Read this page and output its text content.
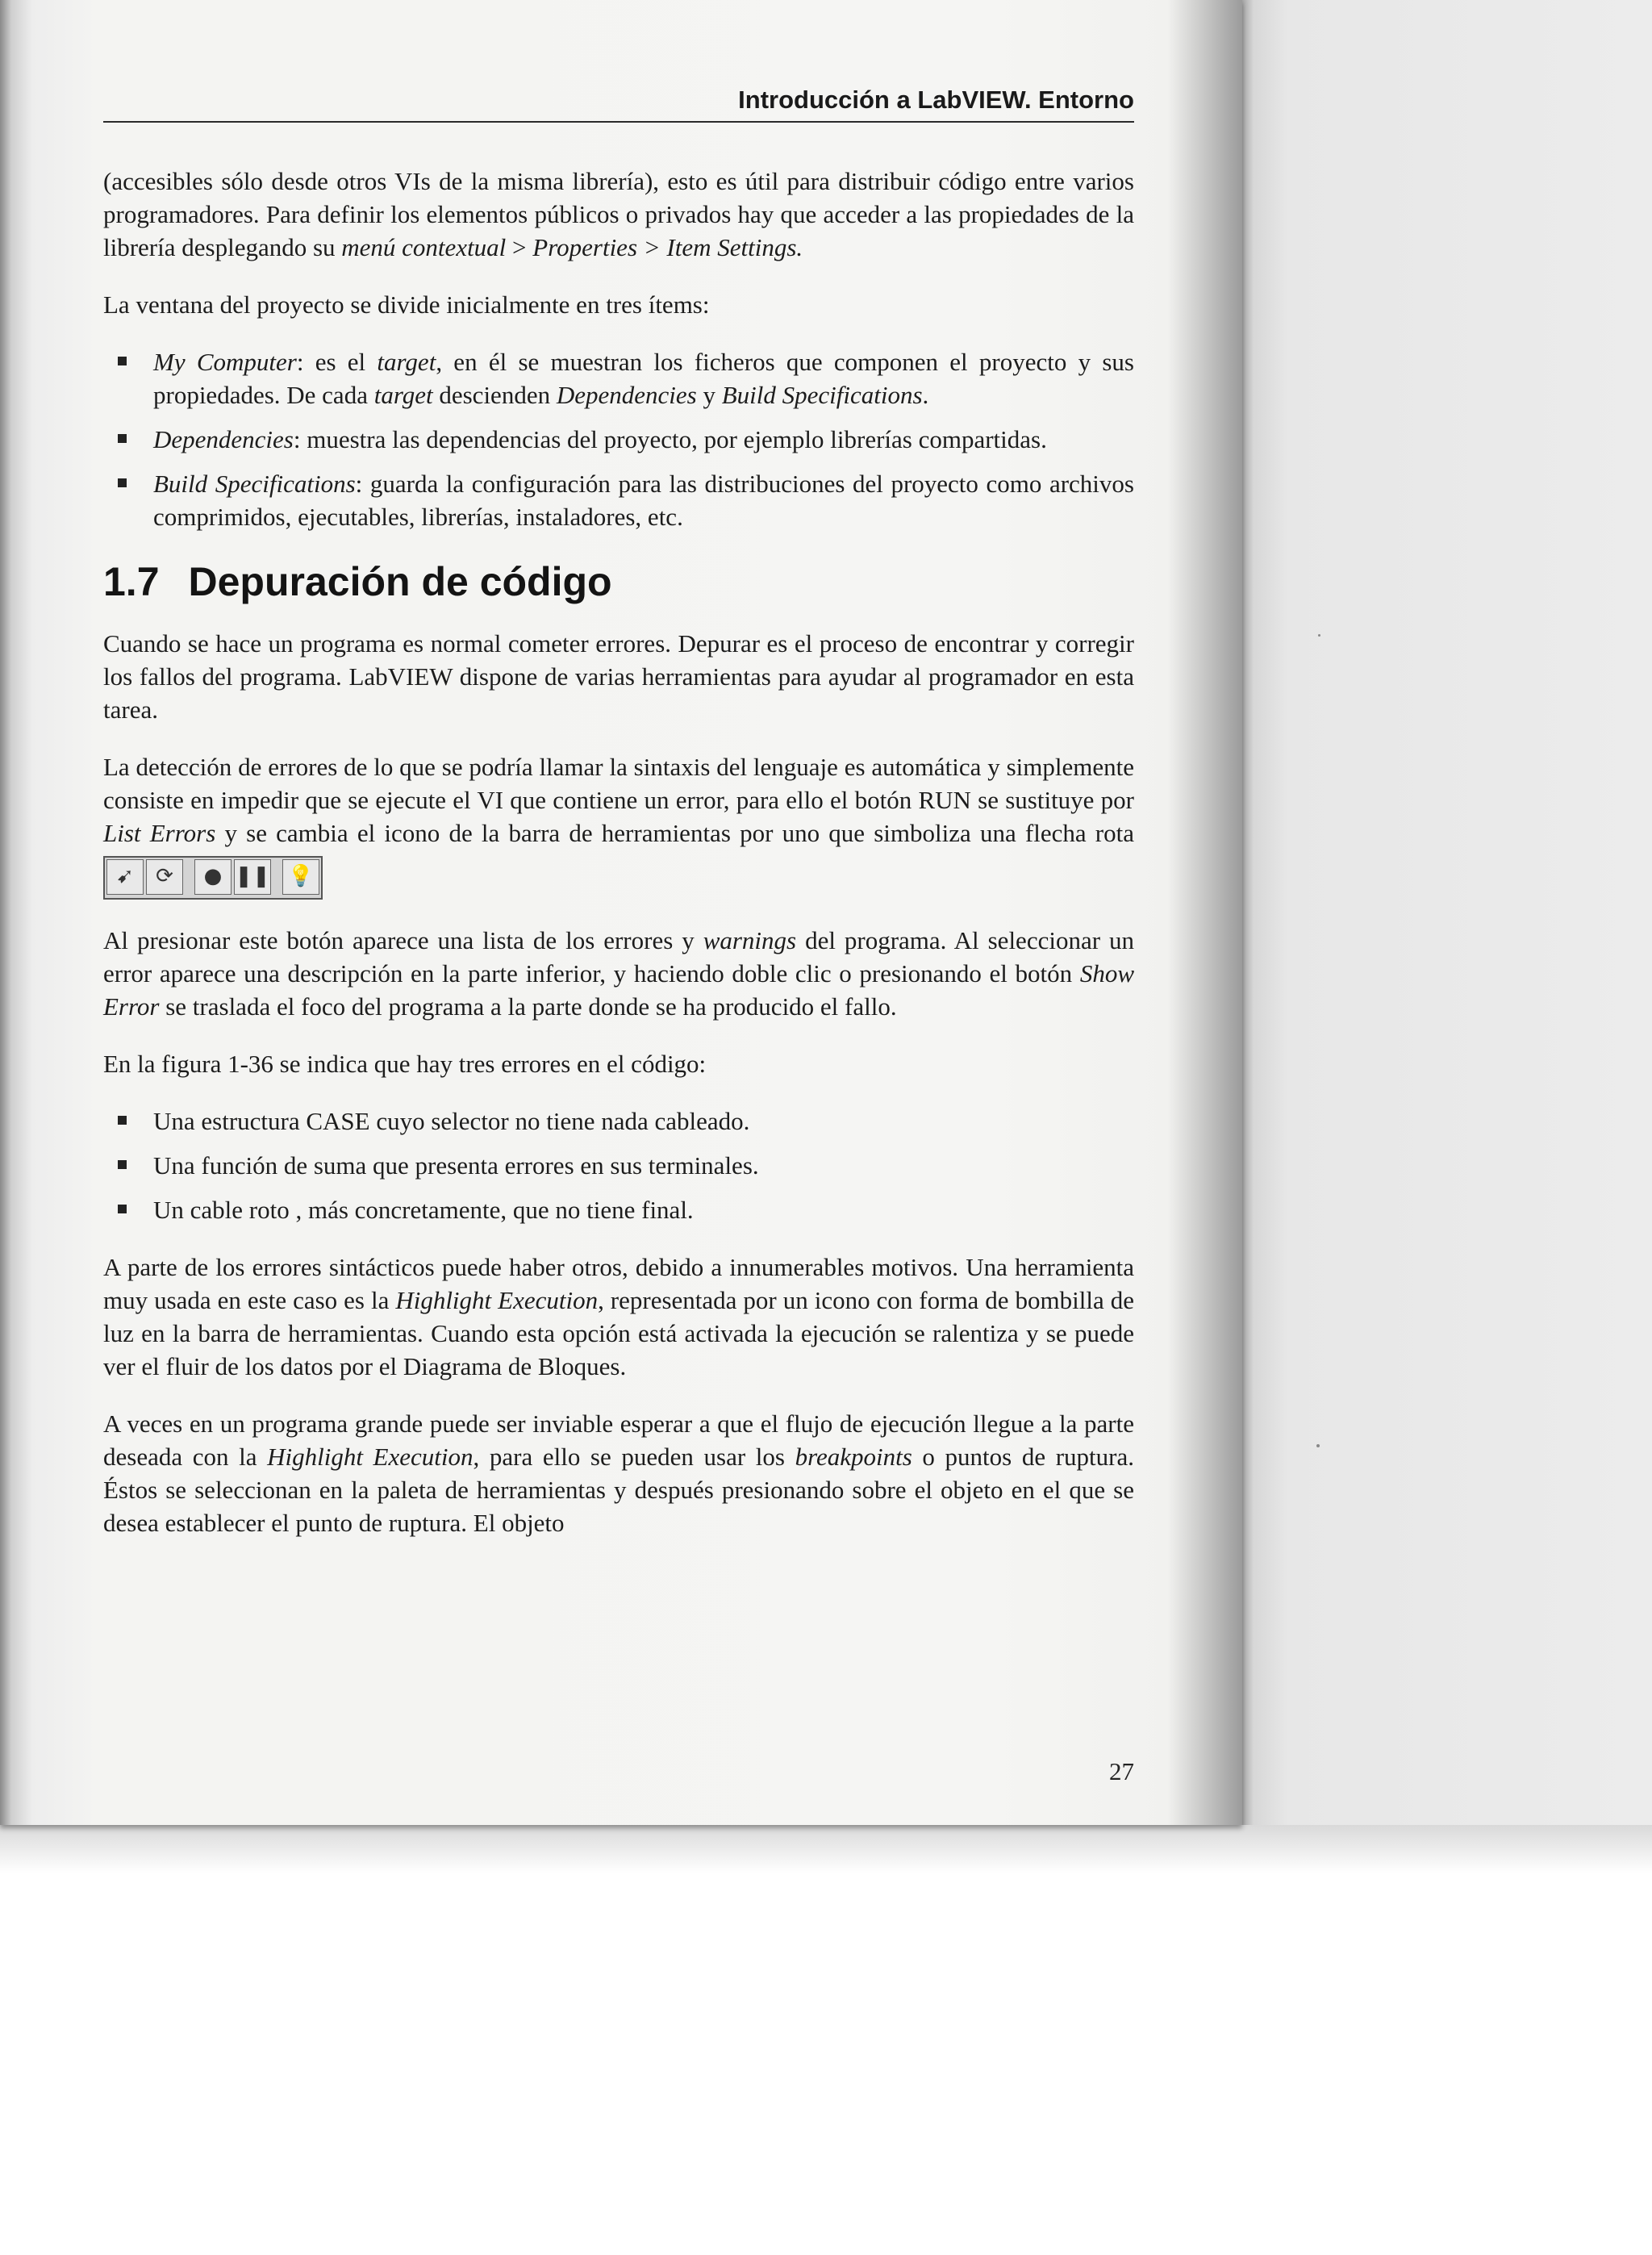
Introducción a LabVIEW. Entorno

(accesibles sólo desde otros VIs de la misma librería), esto es útil para distribuir código entre varios programadores. Para definir los elementos públicos o privados hay que acceder a las propiedades de la librería desplegando su menú contextual > Properties > Item Settings.

La ventana del proyecto se divide inicialmente en tres ítems:

My Computer: es el target, en él se muestran los ficheros que componen el proyecto y sus propiedades. De cada target descienden Dependencies y Build Specifications.
Dependencies: muestra las dependencias del proyecto, por ejemplo librerías compartidas.
Build Specifications: guarda la configuración para las distribuciones del proyecto como archivos comprimidos, ejecutables, librerías, instaladores, etc.
1.7 Depuración de código

Cuando se hace un programa es normal cometer errores. Depurar es el proceso de encontrar y corregir los fallos del programa. LabVIEW dispone de varias herramientas para ayudar al programador en esta tarea.

La detección de errores de lo que se podría llamar la sintaxis del lenguaje es automática y simplemente consiste en impedir que se ejecute el VI que contiene un error, para ello el botón RUN se sustituye por List Errors y se cambia el icono de la barra de herramientas por uno que simboliza una flecha rota
➹	⟳	● ❚❚ 💡

Al presionar este botón aparece una lista de los errores y warnings del programa. Al seleccionar un error aparece una descripción en la parte inferior, y haciendo doble clic o presionando el botón Show Error se traslada el foco del programa a la parte donde se ha producido el fallo.

En la figura 1-36 se indica que hay tres errores en el código:

Una estructura CASE cuyo selector no tiene nada cableado.
Una función de suma que presenta errores en sus terminales.
Un cable roto , más concretamente, que no tiene final.

A parte de los errores sintácticos puede haber otros, debido a innumerables motivos. Una herramienta muy usada en este caso es la Highlight Execution, representada por un icono con forma de bombilla de luz en la barra de herramientas. Cuando esta opción está activada la ejecución se ralentiza y se puede ver el fluir de los datos por el Diagrama de Bloques.

A veces en un programa grande puede ser inviable esperar a que el flujo de ejecución llegue a la parte deseada con la Highlight Execution, para ello se pueden usar los breakpoints o puntos de ruptura. Éstos se seleccionan en la paleta de herramientas y después presionando sobre el objeto en el que se desea establecer el punto de ruptura. El objeto

27
